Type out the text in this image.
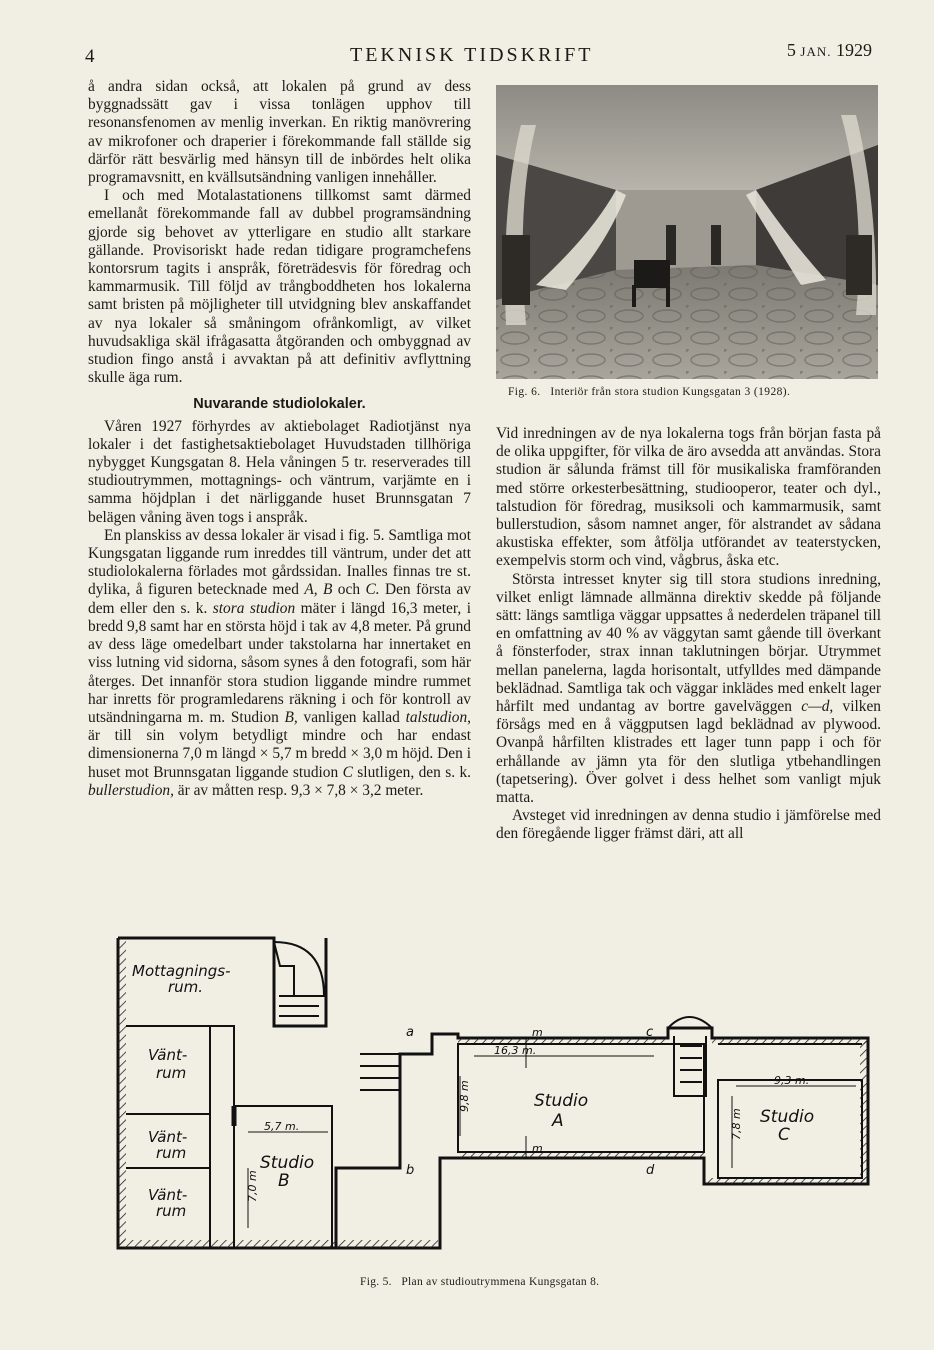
4	TEKNISK TIDSKRIFT	5 JAN. 1929

å andra sidan också, att lokalen på grund av dess byggnadssätt gav i vissa tonlägen upphov till resonansfenomen av menlig inverkan. En riktig manövrering av mikrofoner och draperier i förekommande fall ställde sig därför rätt besvärlig med hänsyn till de inbördes helt olika programavsnitt, en kvällsutsändning vanligen innehåller.

I och med Motalastationens tillkomst samt därmed emellanåt förekommande fall av dubbel programsändning gjorde sig behovet av ytterligare en studio allt starkare gällande. Provisoriskt hade redan tidigare programchefens kontorsrum tagits i anspråk, företrädesvis för föredrag och kammarmusik. Till följd av trångboddheten hos lokalerna samt bristen på möjligheter till utvidgning blev anskaffandet av nya lokaler så småningom ofrånkomligt, av vilket huvudsakliga skäl ifrågasatta åtgöranden och ombyggnad av studion fingo anstå i avvaktan på att definitiv avflyttning skulle äga rum.

Nuvarande studiolokaler.

Våren 1927 förhyrdes av aktiebolaget Radiotjänst nya lokaler i det fastighetsaktiebolaget Huvudstaden tillhöriga nybygget Kungsgatan 8. Hela våningen 5 tr. reserverades till studioutrymmen, mottagnings- och väntrum, varjämte en i samma höjdplan i det närliggande huset Brunnsgatan 7 belägen våning även togs i anspråk.

En planskiss av dessa lokaler är visad i fig. 5. Samtliga mot Kungsgatan liggande rum inreddes till väntrum, under det att studiolokalerna förlades mot gårdssidan. Inalles finnas tre st. dylika, å figuren betecknade med A, B och C. Den första av dem eller den s. k. stora studion mäter i längd 16,3 meter, i bredd 9,8 samt har en största höjd i tak av 4,8 meter. På grund av dess läge omedelbart under takstolarna har innertaket en viss lutning vid sidorna, såsom synes å den fotografi, som här återges. Det innanför stora studion liggande mindre rummet har inretts för programledarens räkning i och för kontroll av utsändningarna m. m. Studion B, vanligen kallad talstudion, är till sin volym betydligt mindre och har endast dimensionerna 7,0 m längd × 5,7 m bredd × 3,0 m höjd. Den i huset mot Brunnsgatan liggande studion C slutligen, den s. k. bullerstudion, är av måtten resp. 9,3 × 7,8 × 3,2 meter.

Fig. 6. Interiör från stora studion Kungsgatan 3 (1928).

Vid inredningen av de nya lokalerna togs från början fasta på de olika uppgifter, för vilka de äro avsedda att användas. Stora studion är sålunda främst till för musikaliska framföranden med större orkesterbesättning, studiooperor, teater och dyl., talstudion för föredrag, musiksoli och kammarmusik, samt bullerstudion, såsom namnet anger, för alstrandet av sådana akustiska effekter, som åtfölja utförandet av teaterstycken, exempelvis storm och vind, vågbrus, åska etc.

Största intresset knyter sig till stora studions inredning, vilket enligt lämnade allmänna direktiv skedde på följande sätt: längs samtliga väggar uppsattes å nederdelen träpanel till en omfattning av 40 % av väggytan samt gående till överkant å fönsterfoder, strax innan taklutningen börjar. Utrymmet mellan panelerna, lagda horisontalt, utfylldes med dämpande beklädnad. Samtliga tak och väggar inklädes med enkelt lager hårfilt med undantag av bortre gavelväggen c—d, vilken försågs med en å väggputsen lagd beklädnad av plywood. Ovanpå hårfilten klistrades ett lager tunn papp i och för erhållande av jämn yta för den slutliga ytbehandlingen (tapetsering). Över golvet i dess helhet som vanligt mjuk matta.

Avsteget vid inredningen av denna studio i jämförelse med den föregående ligger främst däri, att all

Mottagnings-
rum.
Vänt-
rum
Vänt-
rum
Vänt-
rum
Studio
A
Studio
B
Studio
C
16,3 m.
9,8 m
5,7 m.
7,0 m
9,3 m.
7,8 m
a
b
c
d
m
m
Fig. 5. Plan av studioutrymmena Kungsgatan 8.
